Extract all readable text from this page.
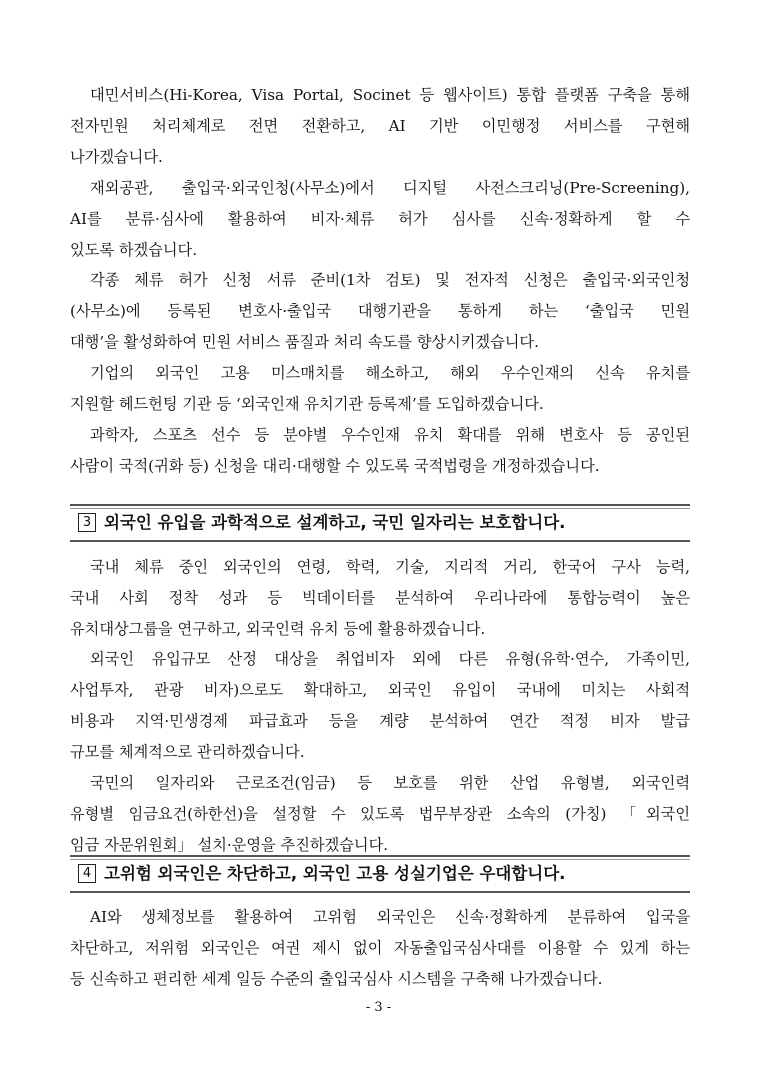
대민서비스(Hi-Korea, Visa Portal, Socinet 등 웹사이트) 통합 플랫폼 구축을 통해
전자민원 처리체계로 전면 전환하고, AI 기반 이민행정 서비스를 구현해
나가겠습니다.
재외공관, 출입국·외국인청(사무소)에서 디지털 사전스크리닝(Pre-Screening),
AI를 분류·심사에 활용하여 비자·체류 허가 심사를 신속·정확하게 할 수
있도록 하겠습니다.
각종 체류 허가 신청 서류 준비(1차 검토) 및 전자적 신청은 출입국·외국인청
(사무소)에 등록된 변호사·출입국 대행기관을 통하게 하는 ‘출입국 민원
대행’을 활성화하여 민원 서비스 품질과 처리 속도를 향상시키겠습니다.
기업의 외국인 고용 미스매치를 해소하고, 해외 우수인재의 신속 유치를
지원할 헤드헌팅 기관 등 ‘외국인재 유치기관 등록제’를 도입하겠습니다.
과학자, 스포츠 선수 등 분야별 우수인재 유치 확대를 위해 변호사 등 공인된
사람이 국적(귀화 등) 신청을 대리·대행할 수 있도록 국적법령을 개정하겠습니다.
3 외국인 유입을 과학적으로 설계하고, 국민 일자리는 보호합니다.
국내 체류 중인 외국인의 연령, 학력, 기술, 지리적 거리, 한국어 구사 능력,
국내 사회 정착 성과 등 빅데이터를 분석하여 우리나라에 통합능력이 높은
유치대상그룹을 연구하고, 외국인력 유치 등에 활용하겠습니다.
외국인 유입규모 산정 대상을 취업비자 외에 다른 유형(유학·연수, 가족이민,
사업투자, 관광 비자)으로도 확대하고, 외국인 유입이 국내에 미치는 사회적
비용과 지역·민생경제 파급효과 등을 계량 분석하여 연간 적정 비자 발급
규모를 체계적으로 관리하겠습니다.
국민의 일자리와 근로조건(임금) 등 보호를 위한 산업 유형별, 외국인력
유형별 임금요건(하한선)을 설정할 수 있도록 법무부장관 소속의 (가칭) 「외국인
임금 자문위원회」 설치·운영을 추진하겠습니다.
4 고위험 외국인은 차단하고, 외국인 고용 성실기업은 우대합니다.
AI와 생체정보를 활용하여 고위험 외국인은 신속·정확하게 분류하여 입국을
차단하고, 저위험 외국인은 여권 제시 없이 자동출입국심사대를 이용할 수 있게 하는
등 신속하고 편리한 세계 일등 수준의 출입국심사 시스템을 구축해 나가겠습니다.
- 3 -
